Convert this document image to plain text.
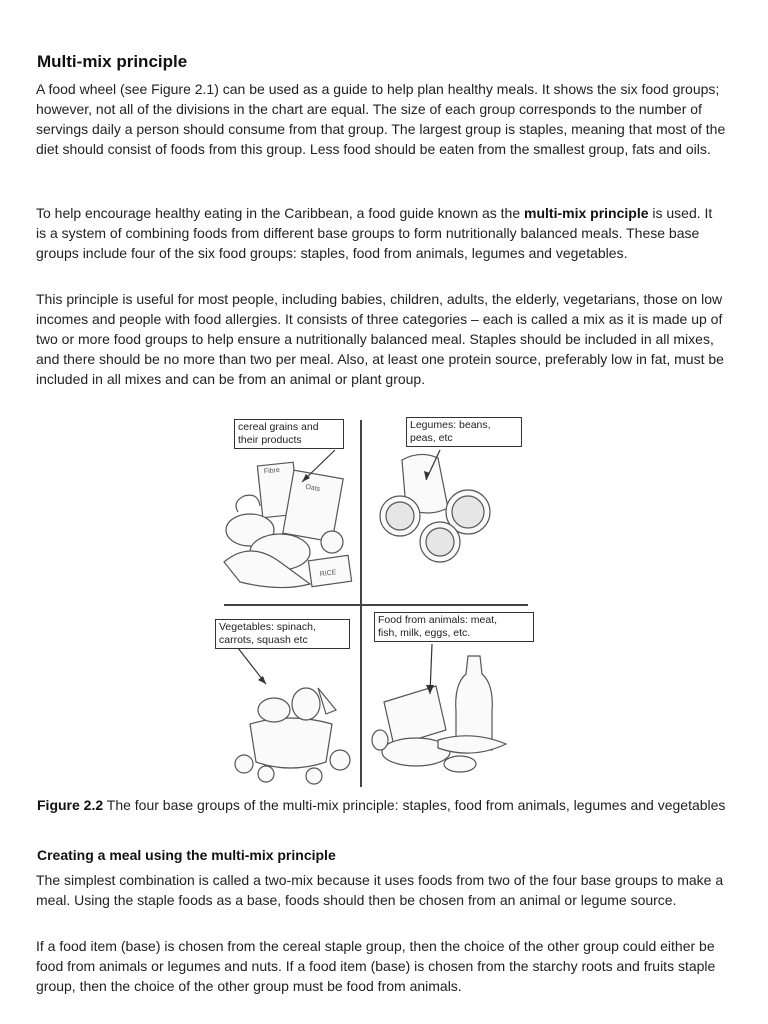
Multi-mix principle

A food wheel (see Figure 2.1) can be used as a guide to help plan healthy meals. It shows the six food groups; however, not all of the divisions in the chart are equal. The size of each group corresponds to the number of servings daily a person should consume from that group. The largest group is staples, meaning that most of the diet should consist of foods from this group. Less food should be eaten from the smallest group, fats and oils.

To help encourage healthy eating in the Caribbean, a food guide known as the multi-mix principle is used. It is a system of combining foods from different base groups to form nutritionally balanced meals. These base groups include four of the six food groups: staples, food from animals, legumes and vegetables.

This principle is useful for most people, including babies, children, adults, the elderly, vegetarians, those on low incomes and people with food allergies. It consists of three categories – each is called a mix as it is made up of two or more food groups to help ensure a nutritionally balanced meal. Staples should be included in all mixes, and there should be no more than two per meal. Also, at least one protein source, preferably low in fat, must be included in all mixes and can be from an animal or plant group.

Fibre
Oats
RICE
cereal grains and
their products
Legumes: beans,
peas, etc
Vegetables: spinach,
carrots, squash etc
Food from animals: meat,
fish, milk, eggs, etc.

Figure 2.2 The four base groups of the multi-mix principle: staples, food from animals, legumes and vegetables

Creating a meal using the multi-mix principle

The simplest combination is called a two-mix because it uses foods from two of the four base groups to make a meal. Using the staple foods as a base, foods should then be chosen from an animal or legume source.

If a food item (base) is chosen from the cereal staple group, then the choice of the other group could either be food from animals or legumes and nuts. If a food item (base) is chosen from the starchy roots and fruits staple group, then the choice of the other group must be food from animals.
